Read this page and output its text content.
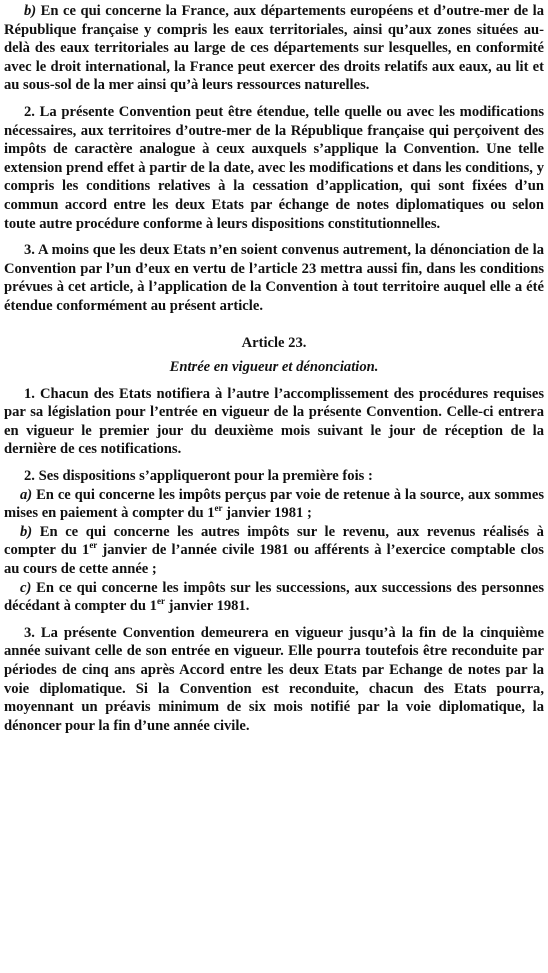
b) En ce qui concerne la France, aux départements européens et d’outre-mer de la République française y compris les eaux territoriales, ainsi qu’aux zones situées au-delà des eaux territoriales au large de ces départements sur lesquelles, en conformité avec le droit international, la France peut exercer des droits relatifs aux eaux, au lit et au sous-sol de la mer ainsi qu’à leurs ressources naturelles.

2. La présente Convention peut être étendue, telle quelle ou avec les modifications nécessaires, aux territoires d’outre-mer de la République française qui perçoivent des impôts de caractère analogue à ceux auxquels s’applique la Convention. Une telle extension prend effet à partir de la date, avec les modifications et dans les conditions, y compris les conditions relatives à la cessation d’application, qui sont fixées d’un commun accord entre les deux Etats par échange de notes diplomatiques ou selon toute autre procédure conforme à leurs dispositions constitutionnelles.

3. A moins que les deux Etats n’en soient convenus autrement, la dénonciation de la Convention par l’un d’eux en vertu de l’article 23 mettra aussi fin, dans les conditions prévues à cet article, à l’application de la Convention à tout territoire auquel elle a été étendue conformément au présent article.

Article 23.
Entrée en vigueur et dénonciation.

1. Chacun des Etats notifiera à l’autre l’accomplissement des procédures requises par sa législation pour l’entrée en vigueur de la présente Convention. Celle-ci entrera en vigueur le premier jour du deuxième mois suivant le jour de réception de la dernière de ces notifications.

2. Ses dispositions s’appliqueront pour la première fois :

a) En ce qui concerne les impôts perçus par voie de retenue à la source, aux sommes mises en paiement à compter du 1er janvier 1981 ;

b) En ce qui concerne les autres impôts sur le revenu, aux revenus réalisés à compter du 1er janvier de l’année civile 1981 ou afférents à l’exercice comptable clos au cours de cette année ;

c) En ce qui concerne les impôts sur les successions, aux successions des personnes décédant à compter du 1er janvier 1981.

3. La présente Convention demeurera en vigueur jusqu’à la fin de la cinquième année suivant celle de son entrée en vigueur. Elle pourra toutefois être reconduite par périodes de cinq ans après Accord entre les deux Etats par Echange de notes par la voie diplomatique. Si la Convention est reconduite, chacun des Etats pourra, moyennant un préavis minimum de six mois notifié par la voie diplomatique, la dénoncer pour la fin d’une année civile.
